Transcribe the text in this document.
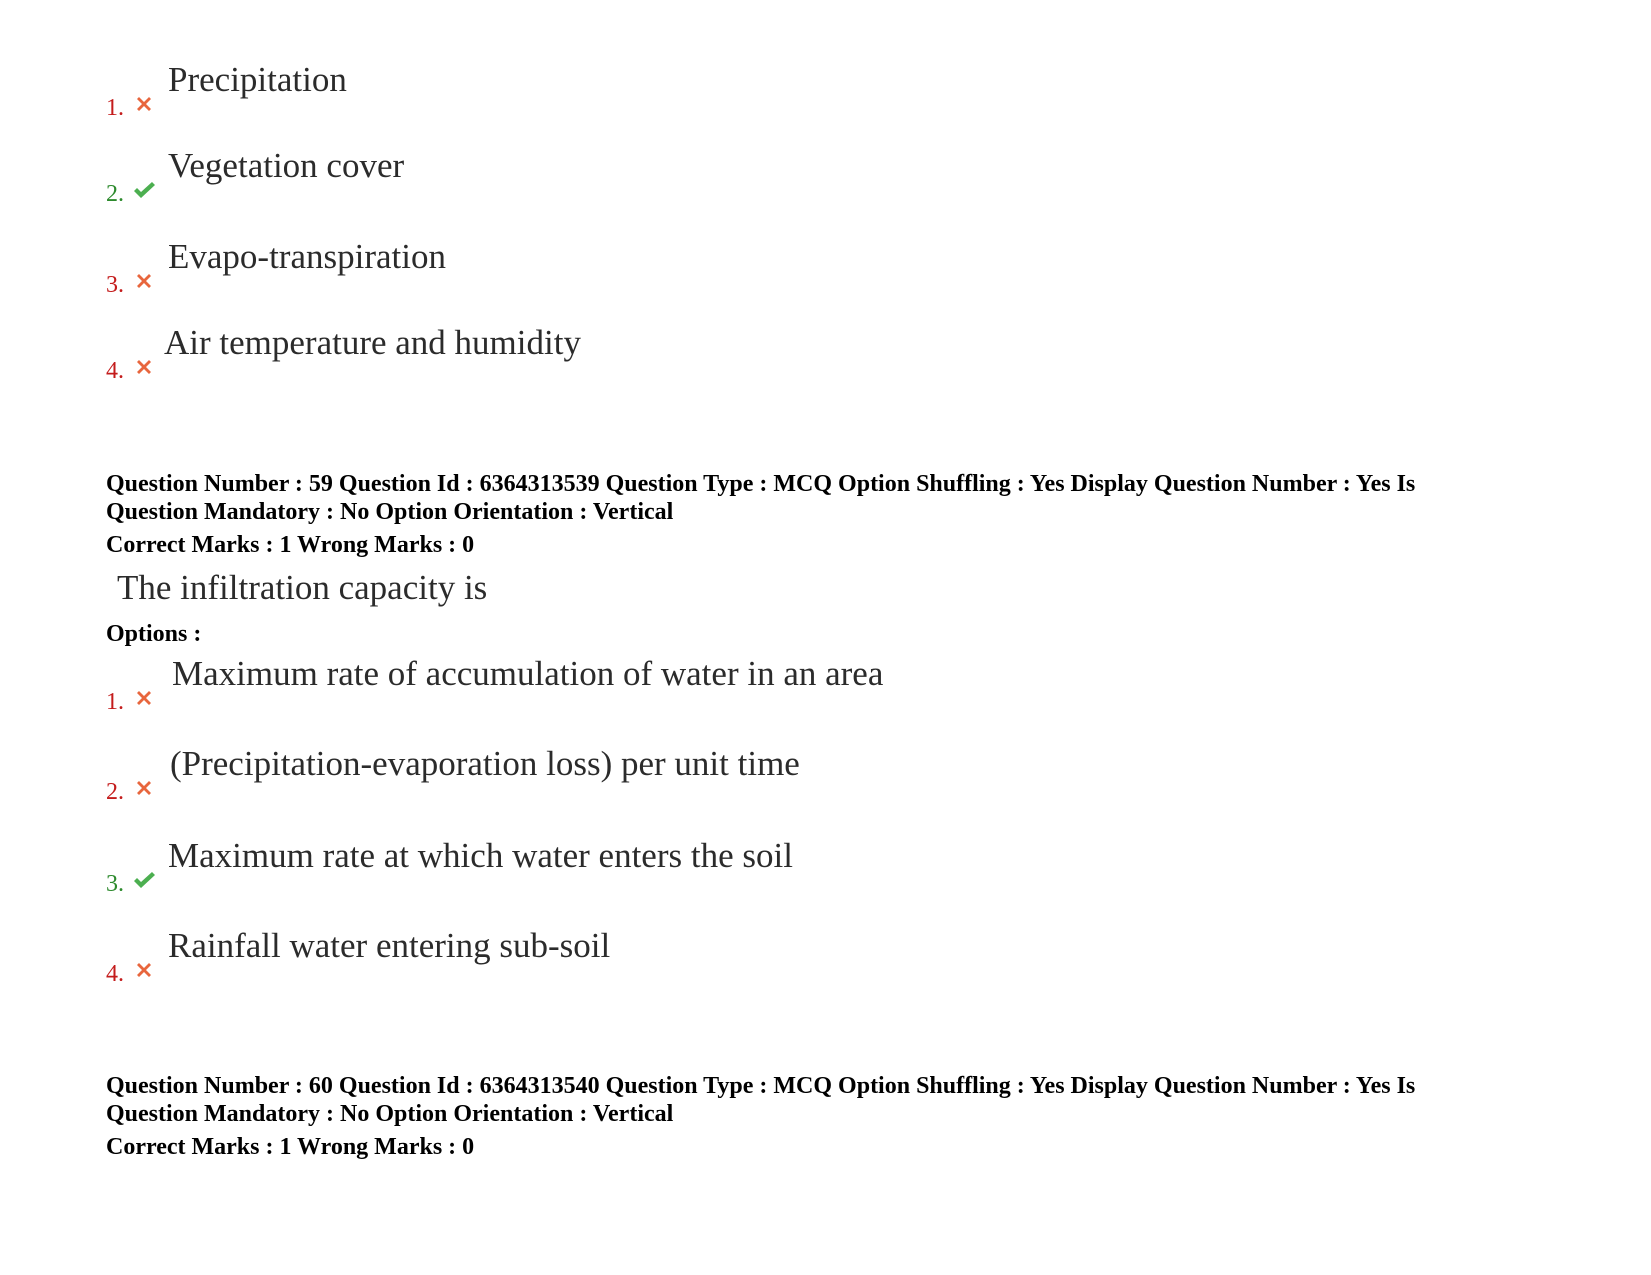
Precipitation
1.
Vegetation cover
2.
Evapo-transpiration
3.
Air temperature and humidity
4.
Question Number : 59 Question Id : 6364313539 Question Type : MCQ Option Shuffling : Yes Display Question Number : Yes Is
Question Mandatory : No Option Orientation : Vertical
Correct Marks : 1 Wrong Marks : 0
The infiltration capacity is
Options :
Maximum rate of accumulation of water in an area
1.
(Precipitation-evaporation loss) per unit time
2.
Maximum rate at which water enters the soil
3.
Rainfall water entering sub-soil
4.
Question Number : 60 Question Id : 6364313540 Question Type : MCQ Option Shuffling : Yes Display Question Number : Yes Is
Question Mandatory : No Option Orientation : Vertical
Correct Marks : 1 Wrong Marks : 0
